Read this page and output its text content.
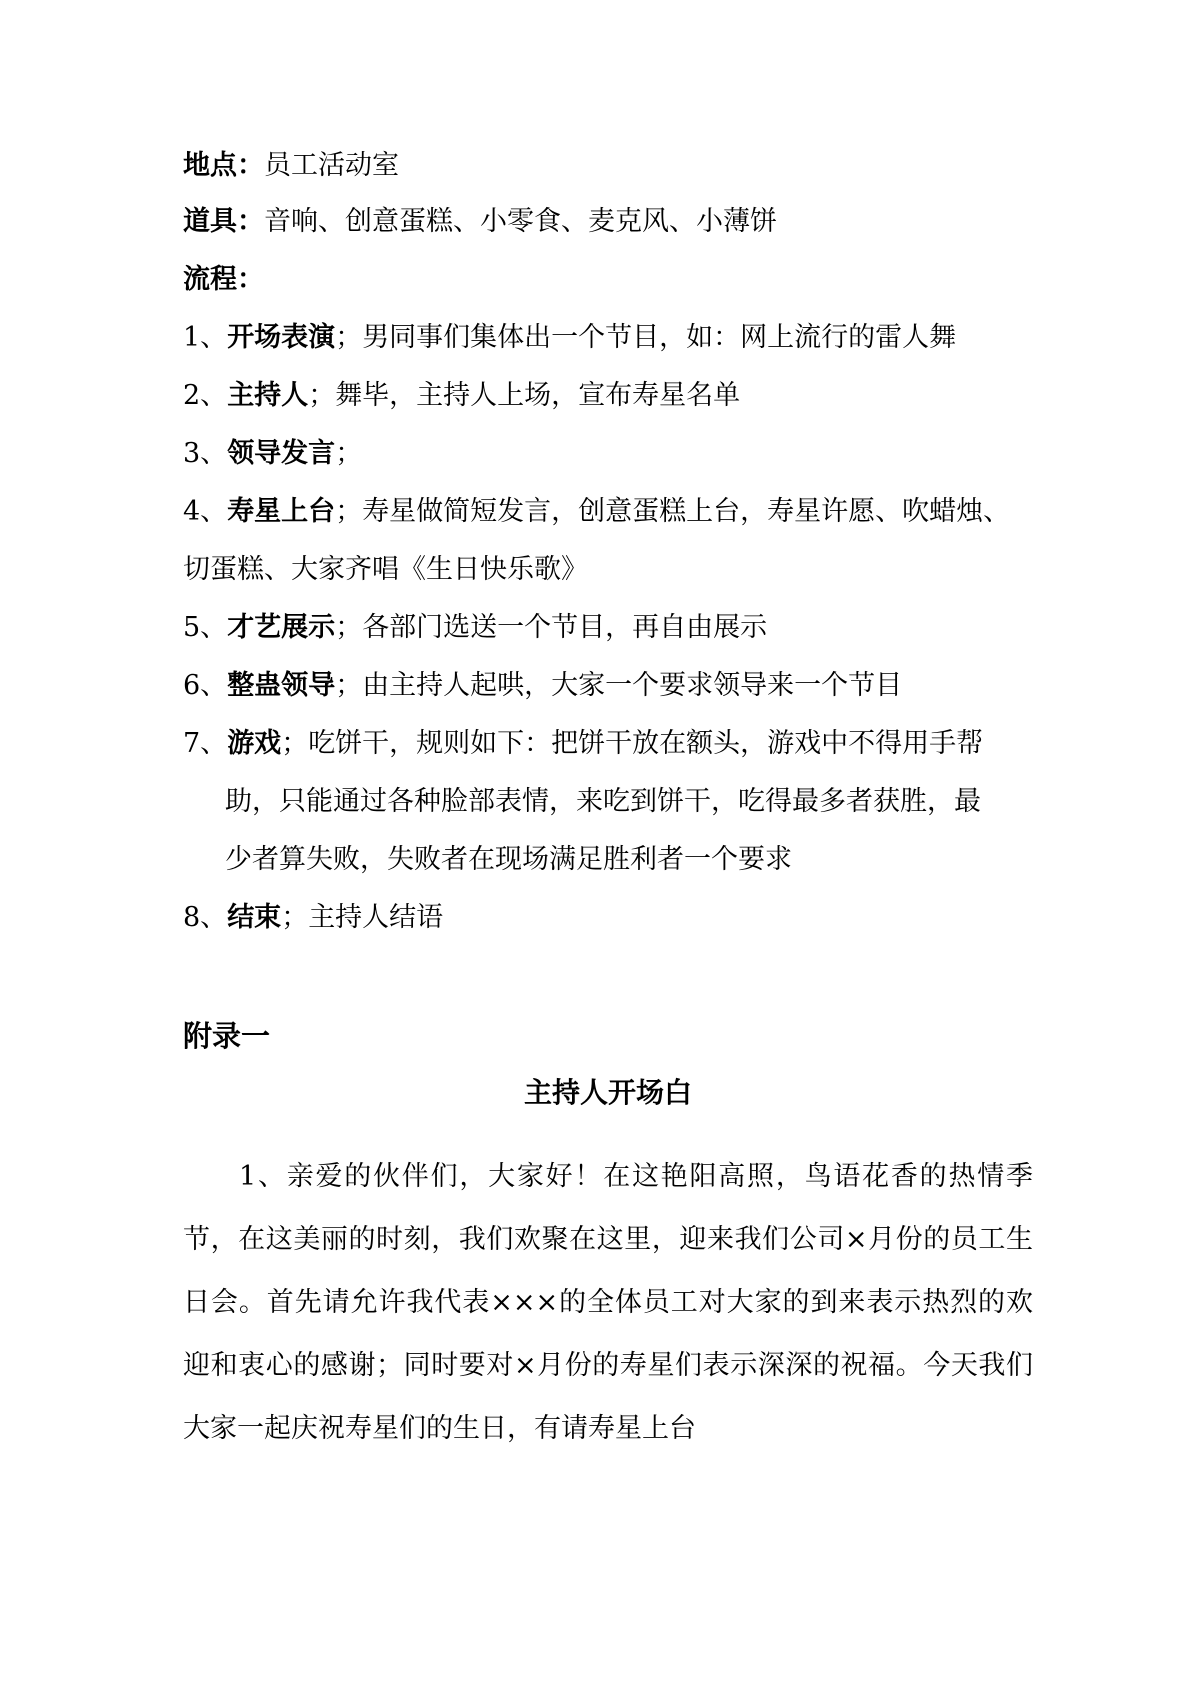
地点：员工活动室
道具：音响、创意蛋糕、小零食、麦克风、小薄饼
流程：
1、开场表演；男同事们集体出一个节目，如：网上流行的雷人舞
2、主持人；舞毕，主持人上场，宣布寿星名单
3、领导发言；
4、寿星上台；寿星做简短发言，创意蛋糕上台，寿星许愿、吹蜡烛、
切蛋糕、大家齐唱《生日快乐歌》
5、才艺展示；各部门选送一个节目，再自由展示
6、整蛊领导；由主持人起哄，大家一个要求领导来一个节目
7、游戏；吃饼干，规则如下：把饼干放在额头，游戏中不得用手帮
助，只能通过各种脸部表情，来吃到饼干，吃得最多者获胜，最
少者算失败，失败者在现场满足胜利者一个要求
8、结束；主持人结语
附录一
主持人开场白
1、亲爱的伙伴们，大家好！在这艳阳高照，鸟语花香的热情季节，在这美丽的时刻，我们欢聚在这里，迎来我们公司×月份的员工生日会。首先请允许我代表×××的全体员工对大家的到来表示热烈的欢迎和衷心的感谢；同时要对×月份的寿星们表示深深的祝福。今天我们大家一起庆祝寿星们的生日，有请寿星上台
